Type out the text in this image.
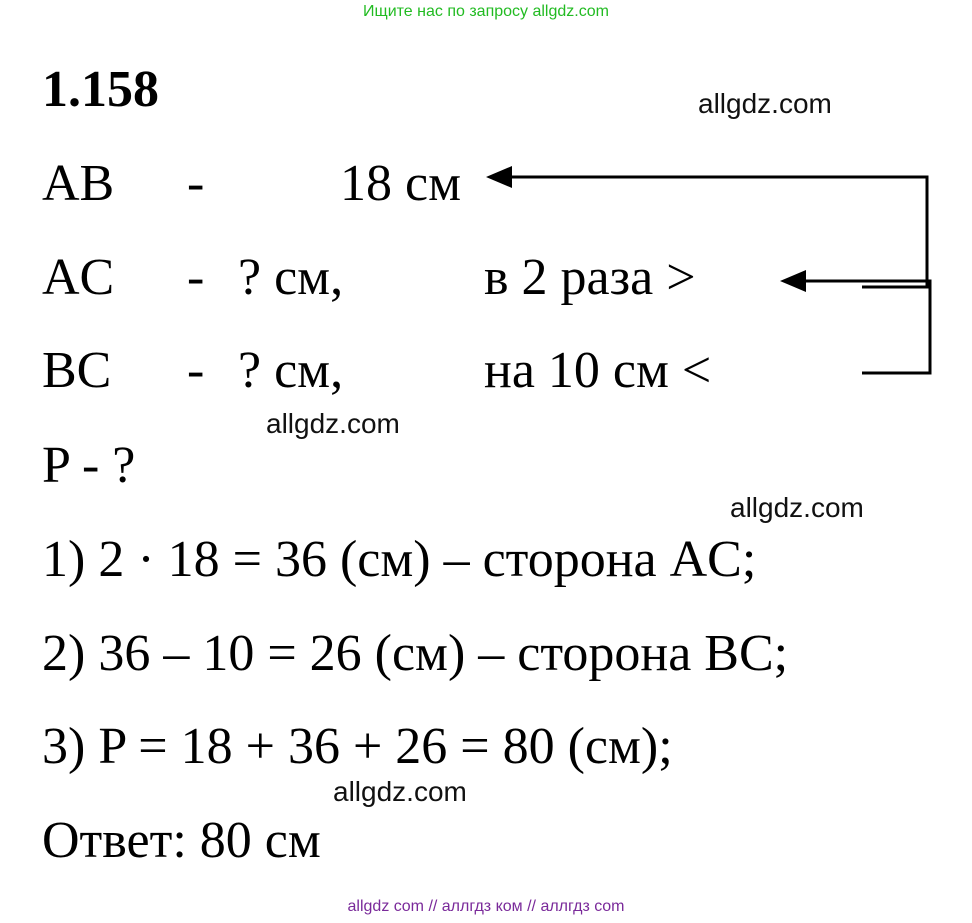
Ищите нас по запросу allgdz.com
1.158	allgdz.com
AB -	18 см
AC - ? см,	в 2 раза >
BC - ? см,	на 10 см <
allgdz.com
P - ?
allgdz.com
1) 2 · 18 = 36 (см) – сторона AC;
2) 36 – 10 = 26 (см) – сторона BC;
3) P = 18 + 36 + 26 = 80 (см);
allgdz.com
Ответ: 80 см
allgdz com // аллгдз ком // аллгдз com
